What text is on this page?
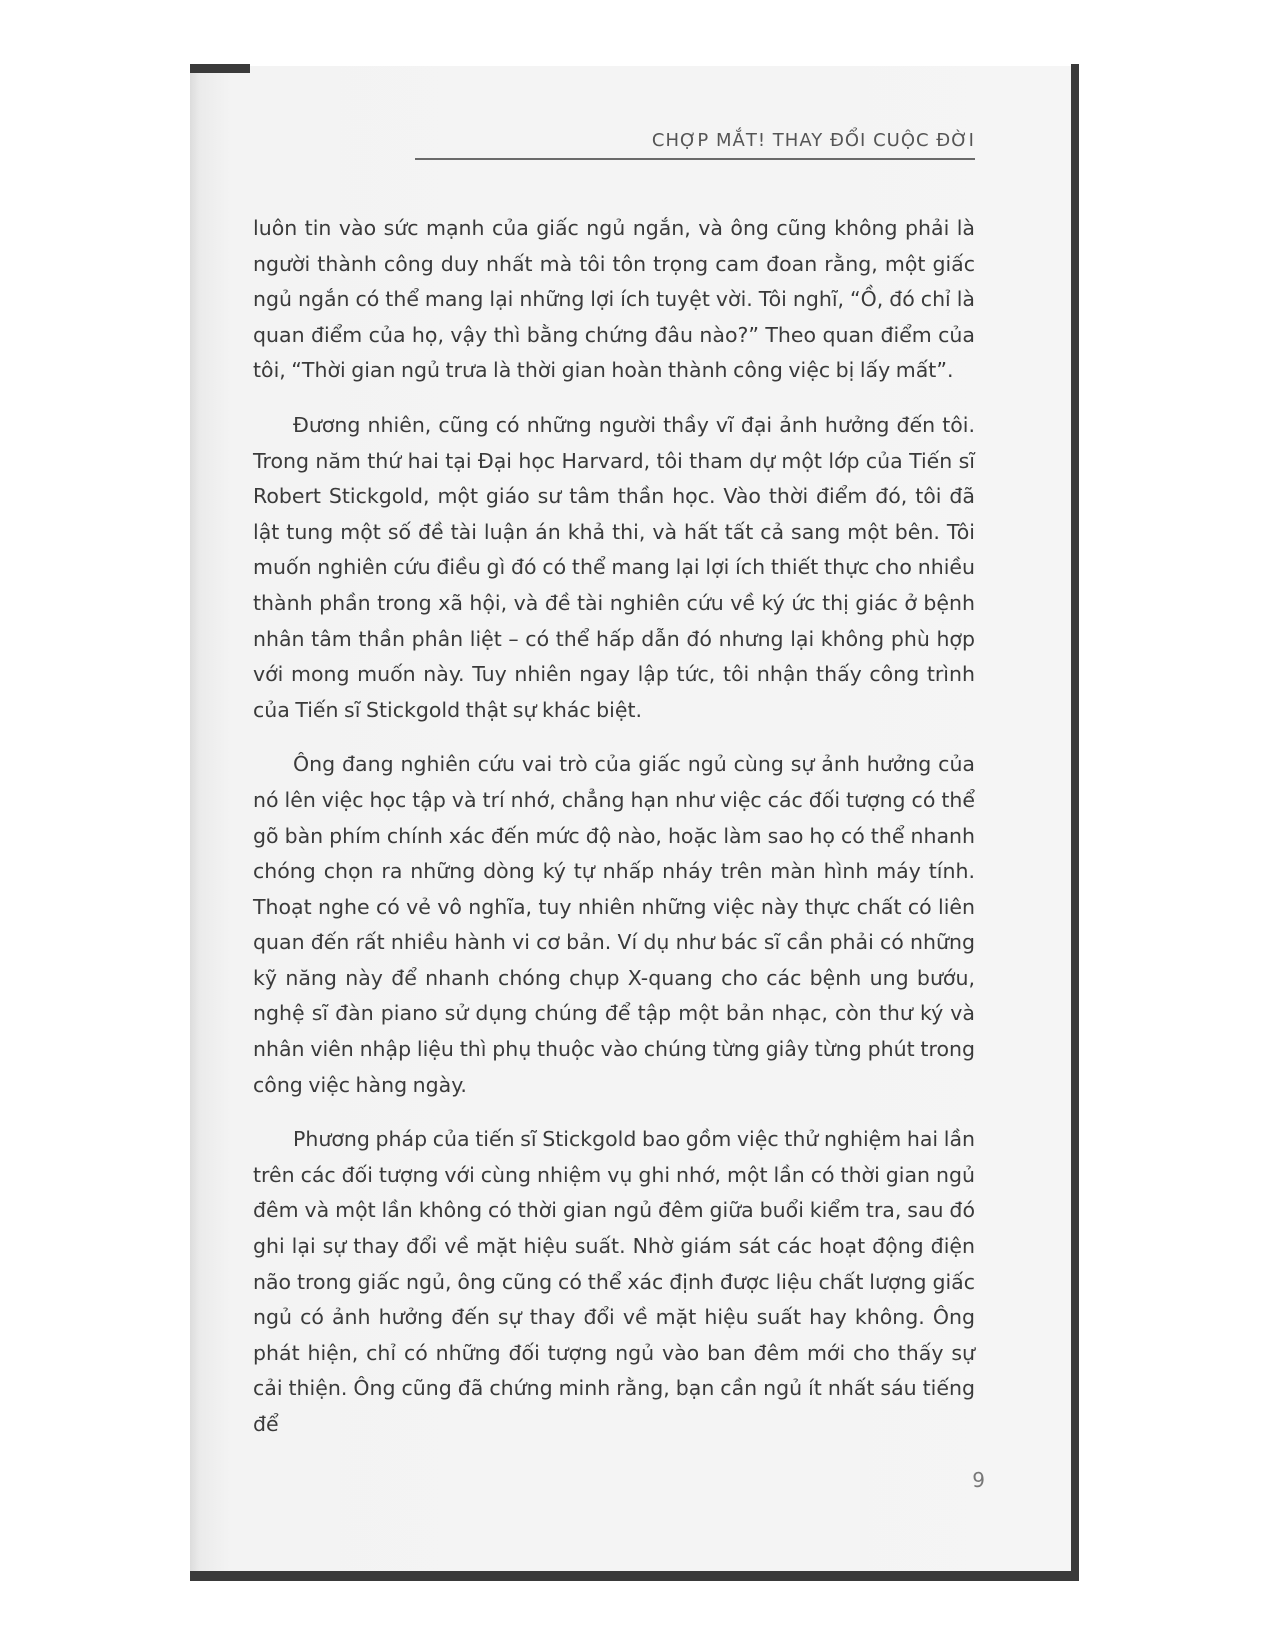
CHỢP MẮT! THAY ĐỔI CUỘC ĐỜI

luôn tin vào sức mạnh của giấc ngủ ngắn, và ông cũng không phải là người thành công duy nhất mà tôi tôn trọng cam đoan rằng, một giấc ngủ ngắn có thể mang lại những lợi ích tuyệt vời. Tôi nghĩ, “Ồ, đó chỉ là quan điểm của họ, vậy thì bằng chứng đâu nào?” Theo quan điểm của tôi, “Thời gian ngủ trưa là thời gian hoàn thành công việc bị lấy mất”.

Đương nhiên, cũng có những người thầy vĩ đại ảnh hưởng đến tôi. Trong năm thứ hai tại Đại học Harvard, tôi tham dự một lớp của Tiến sĩ Robert Stickgold, một giáo sư tâm thần học. Vào thời điểm đó, tôi đã lật tung một số đề tài luận án khả thi, và hất tất cả sang một bên. Tôi muốn nghiên cứu điều gì đó có thể mang lại lợi ích thiết thực cho nhiều thành phần trong xã hội, và đề tài nghiên cứu về ký ức thị giác ở bệnh nhân tâm thần phân liệt – có thể hấp dẫn đó nhưng lại không phù hợp với mong muốn này. Tuy nhiên ngay lập tức, tôi nhận thấy công trình của Tiến sĩ Stickgold thật sự khác biệt.

Ông đang nghiên cứu vai trò của giấc ngủ cùng sự ảnh hưởng của nó lên việc học tập và trí nhớ, chẳng hạn như việc các đối tượng có thể gõ bàn phím chính xác đến mức độ nào, hoặc làm sao họ có thể nhanh chóng chọn ra những dòng ký tự nhấp nháy trên màn hình máy tính. Thoạt nghe có vẻ vô nghĩa, tuy nhiên những việc này thực chất có liên quan đến rất nhiều hành vi cơ bản. Ví dụ như bác sĩ cần phải có những kỹ năng này để nhanh chóng chụp X-quang cho các bệnh ung bướu, nghệ sĩ đàn piano sử dụng chúng để tập một bản nhạc, còn thư ký và nhân viên nhập liệu thì phụ thuộc vào chúng từng giây từng phút trong công việc hàng ngày.

Phương pháp của tiến sĩ Stickgold bao gồm việc thử nghiệm hai lần trên các đối tượng với cùng nhiệm vụ ghi nhớ, một lần có thời gian ngủ đêm và một lần không có thời gian ngủ đêm giữa buổi kiểm tra, sau đó ghi lại sự thay đổi về mặt hiệu suất. Nhờ giám sát các hoạt động điện não trong giấc ngủ, ông cũng có thể xác định được liệu chất lượng giấc ngủ có ảnh hưởng đến sự thay đổi về mặt hiệu suất hay không. Ông phát hiện, chỉ có những đối tượng ngủ vào ban đêm mới cho thấy sự cải thiện. Ông cũng đã chứng minh rằng, bạn cần ngủ ít nhất sáu tiếng để

9
